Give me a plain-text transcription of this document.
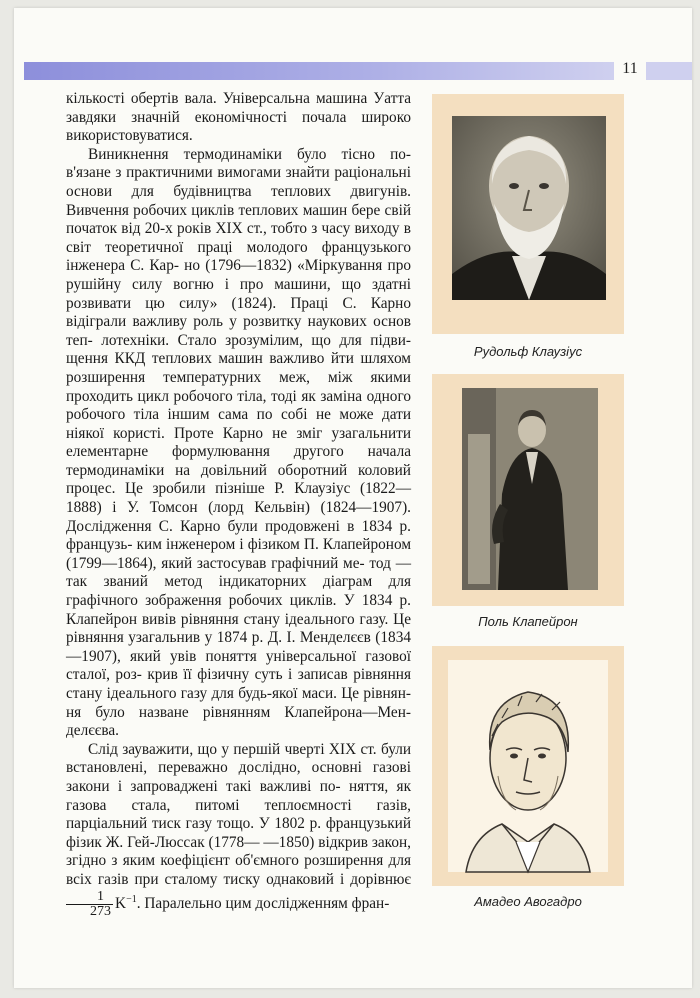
11

кількості обертів вала. Універсальна машина Уатта завдяки значній економічності почала широко використовуватися.

Виникнення термодинаміки було тісно по- в'язане з практичними вимогами знайти раціональні основи для будівництва теплових двигунів. Вивчення робочих циклів теплових машин бере свій початок від 20-х років XIX ст., тобто з часу виходу в світ теоретичної праці молодого французького інженера С. Кар- но (1796—1832) «Міркування про рушійну силу вогню і про машини, що здатні розвивати цю силу» (1824). Праці С. Карно відіграли важливу роль у розвитку наукових основ теп- лотехніки. Стало зрозумілим, що для підви- щення ККД теплових машин важливо йти шляхом розширення температурних меж, між якими проходить цикл робочого тіла, тоді як заміна одного робочого тіла іншим сама по собі не може дати ніякої користі. Проте Карно не зміг узагальнити елементарне формулювання другого начала термодинаміки на довільний оборотний коловий процес. Це зробили пізніше Р. Клаузіус (1822—1888) і У. Томсон (лорд Кельвін) (1824—1907). Дослідження С. Карно були продовжені в 1834 р. французь- ким інженером і фізиком П. Клапейроном (1799—1864), який застосував графічний ме- тод — так званий метод індикаторних діаграм для графічного зображення робочих циклів. У 1834 р. Клапейрон вивів рівняння стану ідеального газу. Це рівняння узагальнив у 1874 р. Д. І. Менделєєв (1834—1907), який увів поняття універсальної газової сталої, роз- крив її фізичну суть і записав рівняння стану ідеального газу для будь-якої маси. Це рівнян- ня було назване рівнянням Клапейрона—Мен- делєєва.

Слід зауважити, що у першій чверті XIX ст. були встановлені, переважно дослідно, основні газові закони і запроваджені такі важливі по- няття, як газова стала, питомі теплоємності газів, парціальний тиск газу тощо. У 1802 р. французький фізик Ж. Гей-Люссак (1778— —1850) відкрив закон, згідно з яким коефіцієнт об'ємного розширення для всіх газів при сталому тиску однаковий і дорівнює
$\frac{1}{273} K^{-1}$. Паралельно цим дослідженням фран-

Рудольф Клаузіус
Поль Клапейрон
Амадео Авогадро
